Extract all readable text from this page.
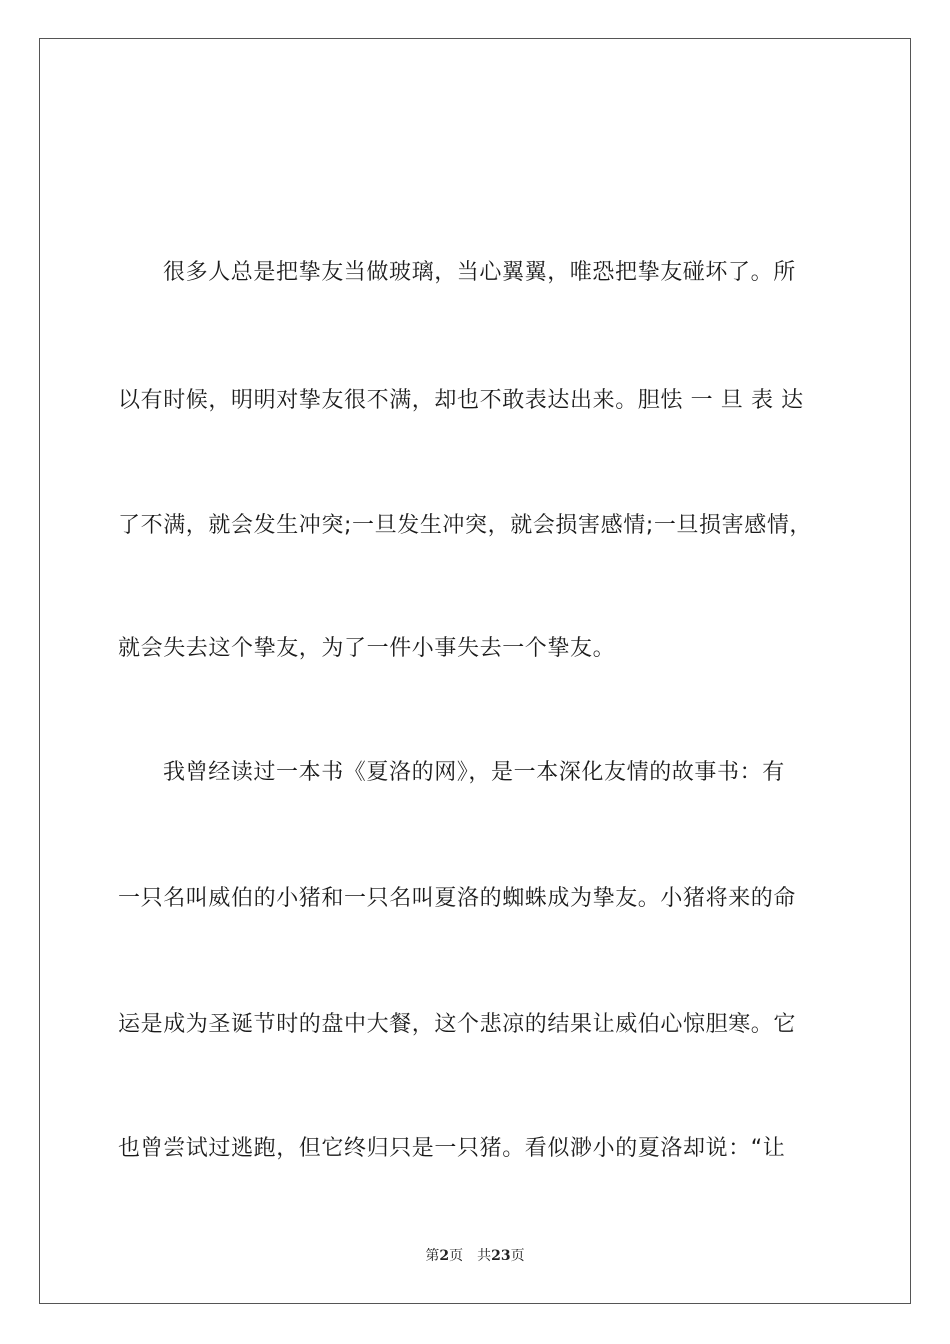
很多人总是把挚友当做玻璃，当心翼翼，唯恐把挚友碰坏了。所
以有时候，明明对挚友很不满，却也不敢表达出来。胆怯 一 旦 表 达
了不满，就会发生冲突;一旦发生冲突，就会损害感情;一旦损害感情，
就会失去这个挚友，为了一件小事失去一个挚友。
我曾经读过一本书《夏洛的网》，是一本深化友情的故事书：有
一只名叫威伯的小猪和一只名叫夏洛的蜘蛛成为挚友。小猪将来的命
运是成为圣诞节时的盘中大餐，这个悲凉的结果让威伯心惊胆寒。它
也曾尝试过逃跑，但它终归只是一只猪。看似渺小的夏洛却说：“让
第2页 共23页
